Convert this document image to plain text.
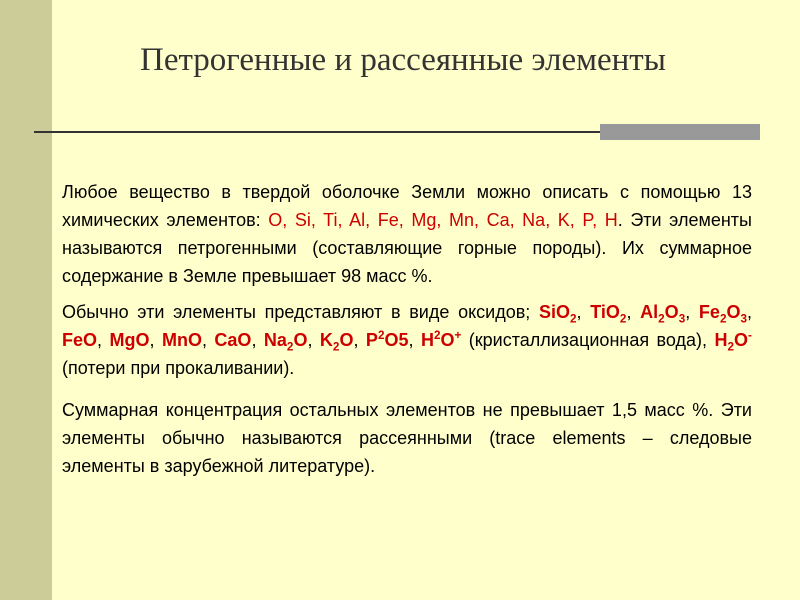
Петрогенные и рассеянные элементы

Любое вещество в твердой оболочке Земли можно описать с помощью 13 химических элементов: O, Si, Ti, Al, Fe, Mg, Mn, Ca, Na, K, P, H. Эти элементы называются петрогенными (составляющие горные породы). Их суммарное содержание в Земле превышает 98 масс %.

Обычно эти элементы представляют в виде оксидов; SiO$_2$, TiO$_2$, $Al_2O_3$, $Fe_2O_3$, FeO, MgO, MnO, CaO, $Na_2O$, $K_2O$, $P^2O5$, $H^2O^+$ (кристаллизационная вода), $H_2O^-$ (потери при прокаливании).

Суммарная концентрация остальных элементов не превышает 1,5 масс %. Эти элементы обычно называются рассеянными (trace elements – следовые элементы в зарубежной литературе).
